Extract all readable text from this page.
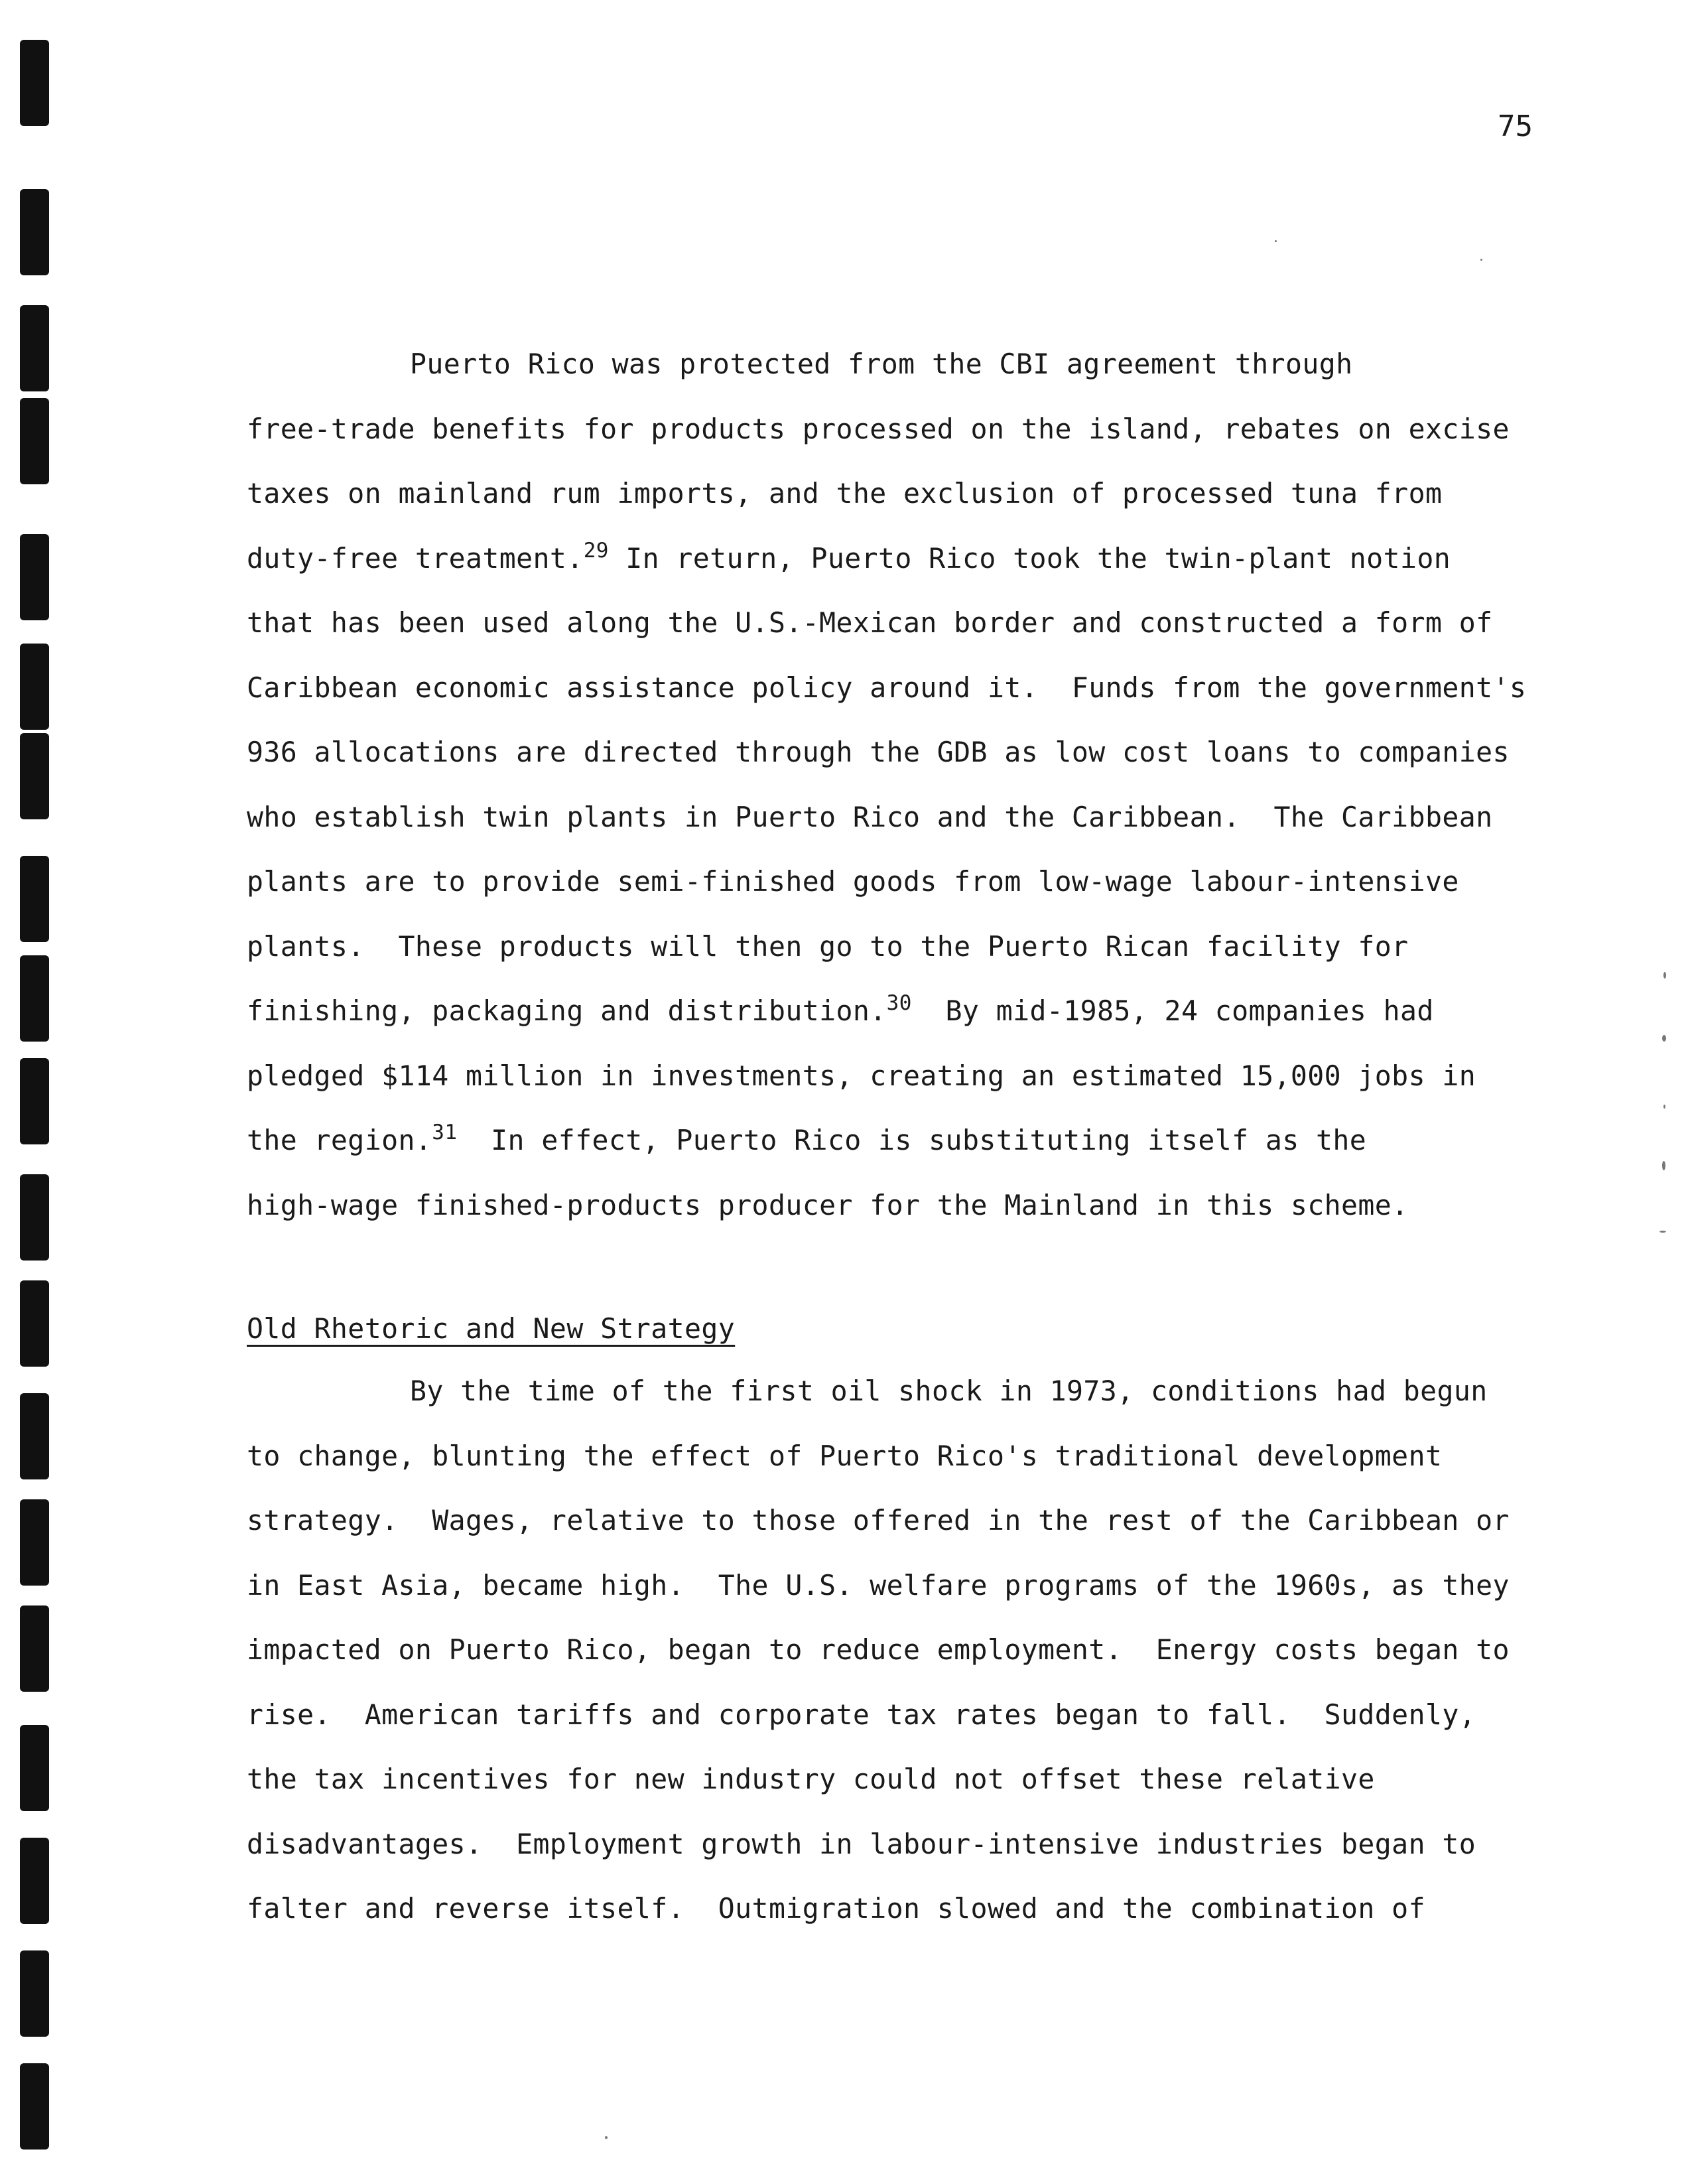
75
Puerto Rico was protected from the CBI agreement through
free-trade benefits for products processed on the island, rebates on excise
taxes on mainland rum imports, and the exclusion of processed tuna from
duty-free treatment.$^{29}$ In return, Puerto Rico took the twin-plant notion
that has been used along the U.S.-Mexican border and constructed a form of
Caribbean economic assistance policy around it.  Funds from the government's
936 allocations are directed through the GDB as low cost loans to companies
who establish twin plants in Puerto Rico and the Caribbean.  The Caribbean
plants are to provide semi-finished goods from low-wage labour-intensive
plants.  These products will then go to the Puerto Rican facility for
finishing, packaging and distribution.$^{30}$  By mid-1985, 24 companies had
pledged $114 million in investments, creating an estimated 15,000 jobs in
the region.$^{31}$  In effect, Puerto Rico is substituting itself as the
high-wage finished-products producer for the Mainland in this scheme.
Old Rhetoric and New Strategy
By the time of the first oil shock in 1973, conditions had begun
to change, blunting the effect of Puerto Rico's traditional development
strategy.  Wages, relative to those offered in the rest of the Caribbean or
in East Asia, became high.  The U.S. welfare programs of the 1960s, as they
impacted on Puerto Rico, began to reduce employment.  Energy costs began to
rise.  American tariffs and corporate tax rates began to fall.  Suddenly,
the tax incentives for new industry could not offset these relative
disadvantages.  Employment growth in labour-intensive industries began to
falter and reverse itself.  Outmigration slowed and the combination of
